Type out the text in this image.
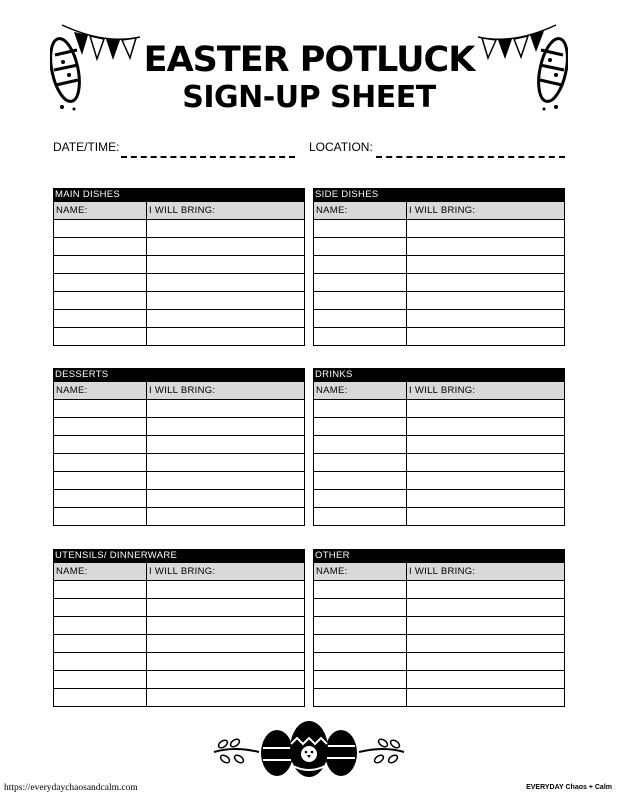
EASTER POTLUCK
SIGN-UP SHEET
DATE/TIME:	LOCATION:
MAIN DISHES
NAME:	I WILL BRING:
SIDE DISHES
NAME:	I WILL BRING:
DESSERTS
NAME:	I WILL BRING:
DRINKS
NAME:	I WILL BRING:
UTENSILS/ DINNERWARE
NAME:	I WILL BRING:
OTHER
NAME:	I WILL BRING:
https://everydaychaosandcalm.com	EVERYDAY Chaos + Calm
